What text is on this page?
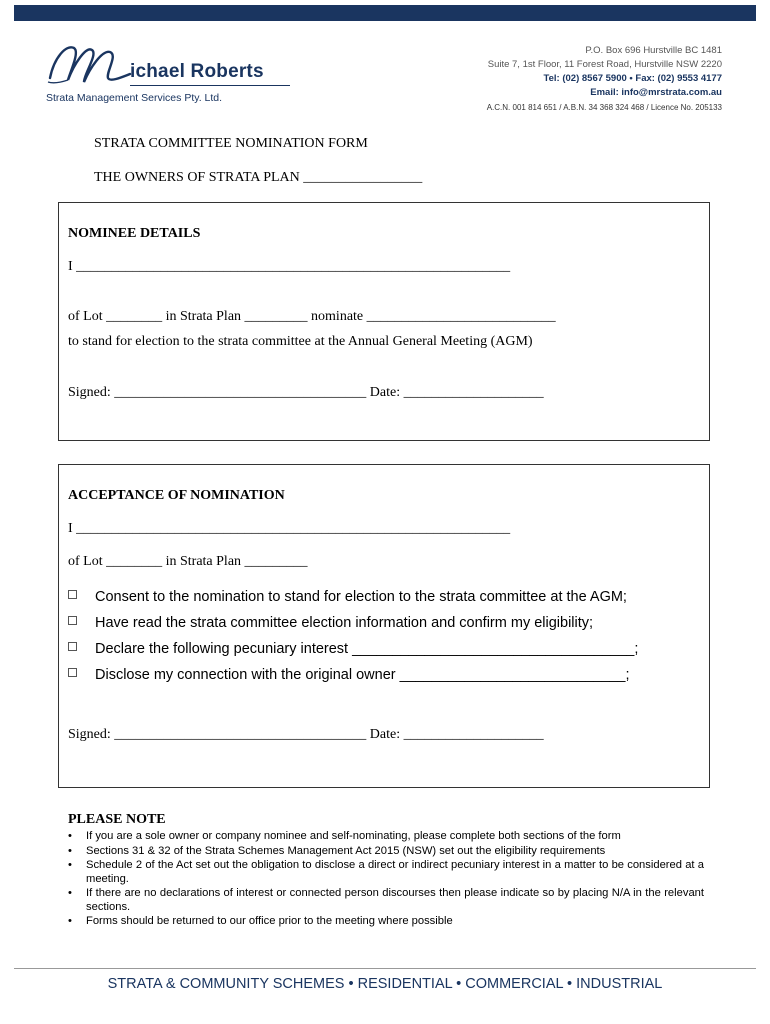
ichael Roberts
Strata Management Services Pty. Ltd.
P.O. Box 696 Hurstville BC 1481
Suite 7, 1st Floor, 11 Forest Road, Hurstville NSW 2220
Tel: (02) 8567 5900 • Fax: (02) 9553 4177
Email: info@mrstrata.com.au
A.C.N. 001 814 651 / A.B.N. 34 368 324 468 / Licence No. 205133
STRATA COMMITTEE NOMINATION FORM
THE OWNERS OF STRATA PLAN _________________
NOMINEE DETAILS
I ______________________________________________________________
of Lot ________ in Strata Plan _________ nominate ___________________________
to stand for election to the strata committee at the Annual General Meeting (AGM)
Signed: ____________________________________ Date: ____________________
ACCEPTANCE OF NOMINATION
I ______________________________________________________________
of Lot ________ in Strata Plan _________
Consent to the nomination to stand for election to the strata committee at the AGM;
Have read the strata committee election information and confirm my eligibility;
Declare the following pecuniary interest ___________________________________;
Disclose my connection with the original owner ____________________________;
Signed: ____________________________________ Date: ____________________
PLEASE NOTE
• If you are a sole owner or company nominee and self-nominating, please complete both sections of the form
• Sections 31 & 32 of the Strata Schemes Management Act 2015 (NSW) set out the eligibility requirements
• Schedule 2 of the Act set out the obligation to disclose a direct or indirect pecuniary interest in a matter to be considered at a meeting.
• If there are no declarations of interest or connected person discourses then please indicate so by placing N/A in the relevant sections.
• Forms should be returned to our office prior to the meeting where possible
STRATA & COMMUNITY SCHEMES • RESIDENTIAL • COMMERCIAL • INDUSTRIAL
